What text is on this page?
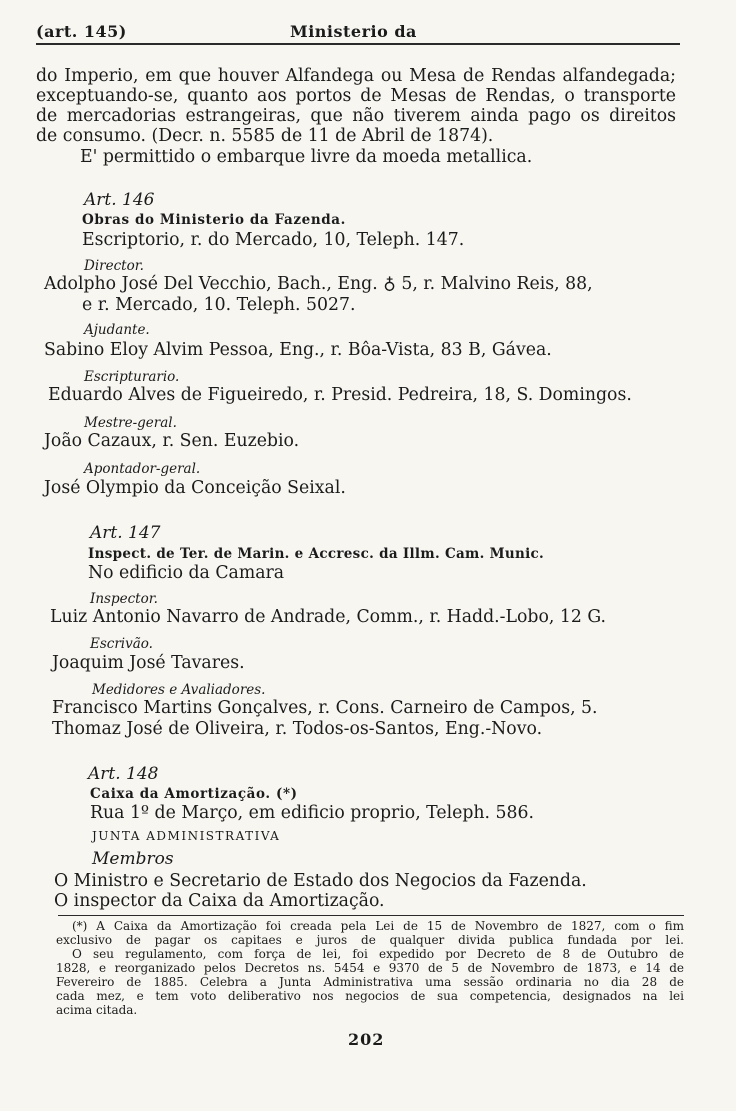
(art. 145)	Ministerio da
do Imperio, em que houver Alfandega ou Mesa de Rendas alfandegada;
exceptuando-se, quanto aos portos de Mesas de Rendas, o transporte
de mercadorias estrangeiras, que não tiverem ainda pago os direitos
de consumo. (Decr. n. 5585 de 11 de Abril de 1874).
E' permittido o embarque livre da moeda metallica.
Art. 146
Obras do Ministerio da Fazenda.
Escriptorio, r. do Mercado, 10, Teleph. 147.
Director.
Adolpho José Del Vecchio, Bach., Eng. ♁ 5, r. Malvino Reis, 88,
e r. Mercado, 10. Teleph. 5027.
Ajudante.
Sabino Eloy Alvim Pessoa, Eng., r. Bôa-Vista, 83 B, Gávea.
Escripturario.
Eduardo Alves de Figueiredo, r. Presid. Pedreira, 18, S. Domingos.
Mestre-geral.
João Cazaux, r. Sen. Euzebio.
Apontador-geral.
José Olympio da Conceição Seixal.
Art. 147
Inspect. de Ter. de Marin. e Accresc. da Illm. Cam. Munic.
No edificio da Camara
Inspector.
Luiz Antonio Navarro de Andrade, Comm., r. Hadd.-Lobo, 12 G.
Escrivão.
Joaquim José Tavares.
Medidores e Avaliadores.
Francisco Martins Gonçalves, r. Cons. Carneiro de Campos, 5.
Thomaz José de Oliveira, r. Todos-os-Santos, Eng.-Novo.
Art. 148
Caixa da Amortização. (*)
Rua 1º de Março, em edificio proprio, Teleph. 586.
JUNTA ADMINISTRATIVA
Membros
O Ministro e Secretario de Estado dos Negocios da Fazenda.
O inspector da Caixa da Amortização.
(*) A Caixa da Amortização foi creada pela Lei de 15 de Novembro de 1827, com o fim
exclusivo de pagar os capitaes e juros de qualquer divida publica fundada por lei.
O seu regulamento, com força de lei, foi expedido por Decreto de 8 de Outubro de
1828, e reorganizado pelos Decretos ns. 5454 e 9370 de 5 de Novembro de 1873, e 14 de
Fevereiro de 1885. Celebra a Junta Administrativa uma sessão ordinaria no dia 28 de
cada mez, e tem voto deliberativo nos negocios de sua competencia, designados na lei
acima citada.
202
